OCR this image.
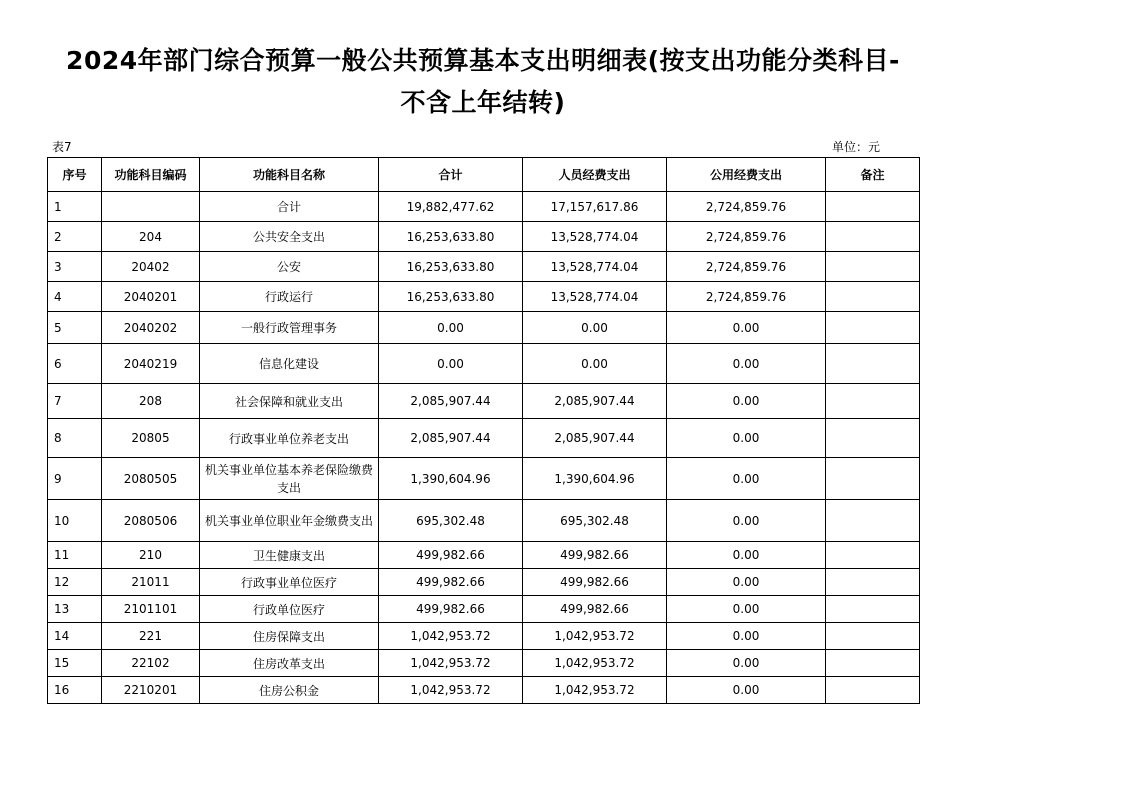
2024年部门综合预算一般公共预算基本支出明细表(按支出功能分类科目-
不含上年结转)
表7	单位：元
序号	功能科目编码	功能科目名称	合计	人员经费支出	公用经费支出	备注
1		合计	19,882,477.62	17,157,617.86	2,724,859.76	
2	204	公共安全支出	16,253,633.80	13,528,774.04	2,724,859.76	
3	20402	公安	16,253,633.80	13,528,774.04	2,724,859.76	
4	2040201	行政运行	16,253,633.80	13,528,774.04	2,724,859.76	
5	2040202	一般行政管理事务	0.00	0.00	0.00	
6	2040219	信息化建设	0.00	0.00	0.00	
7	208	社会保障和就业支出	2,085,907.44	2,085,907.44	0.00	
8	20805	行政事业单位养老支出	2,085,907.44	2,085,907.44	0.00	
9	2080505	机关事业单位基本养老保险缴费支出	1,390,604.96	1,390,604.96	0.00	
10	2080506	机关事业单位职业年金缴费支出	695,302.48	695,302.48	0.00	
11	210	卫生健康支出	499,982.66	499,982.66	0.00	
12	21011	行政事业单位医疗	499,982.66	499,982.66	0.00	
13	2101101	行政单位医疗	499,982.66	499,982.66	0.00	
14	221	住房保障支出	1,042,953.72	1,042,953.72	0.00	
15	22102	住房改革支出	1,042,953.72	1,042,953.72	0.00	
16	2210201	住房公积金	1,042,953.72	1,042,953.72	0.00	
